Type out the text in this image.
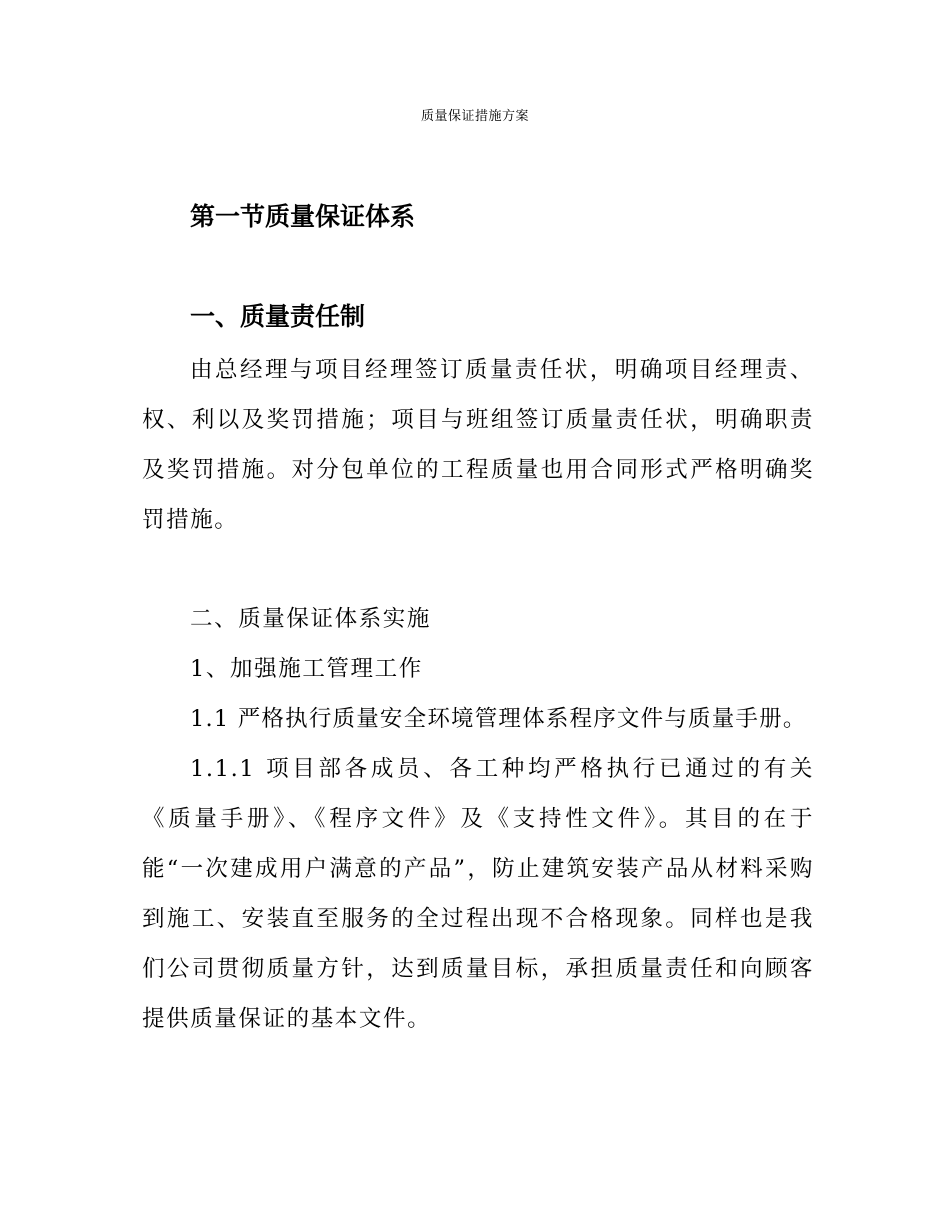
质量保证措施方案
第一节质量保证体系
一、质量责任制

由总经理与项目经理签订质量责任状，明确项目经理责、权、利以及奖罚措施；项目与班组签订质量责任状，明确职责及奖罚措施。对分包单位的工程质量也用合同形式严格明确奖罚措施。

二、质量保证体系实施
1、加强施工管理工作
1.1 严格执行质量安全环境管理体系程序文件与质量手册。

1.1.1 项目部各成员、各工种均严格执行已通过的有关《质量手册》、《程序文件》及《支持性文件》。其目的在于能“一次建成用户满意的产品”，防止建筑安装产品从材料采购到施工、安装直至服务的全过程出现不合格现象。同样也是我们公司贯彻质量方针，达到质量目标，承担质量责任和向顾客提供质量保证的基本文件。
